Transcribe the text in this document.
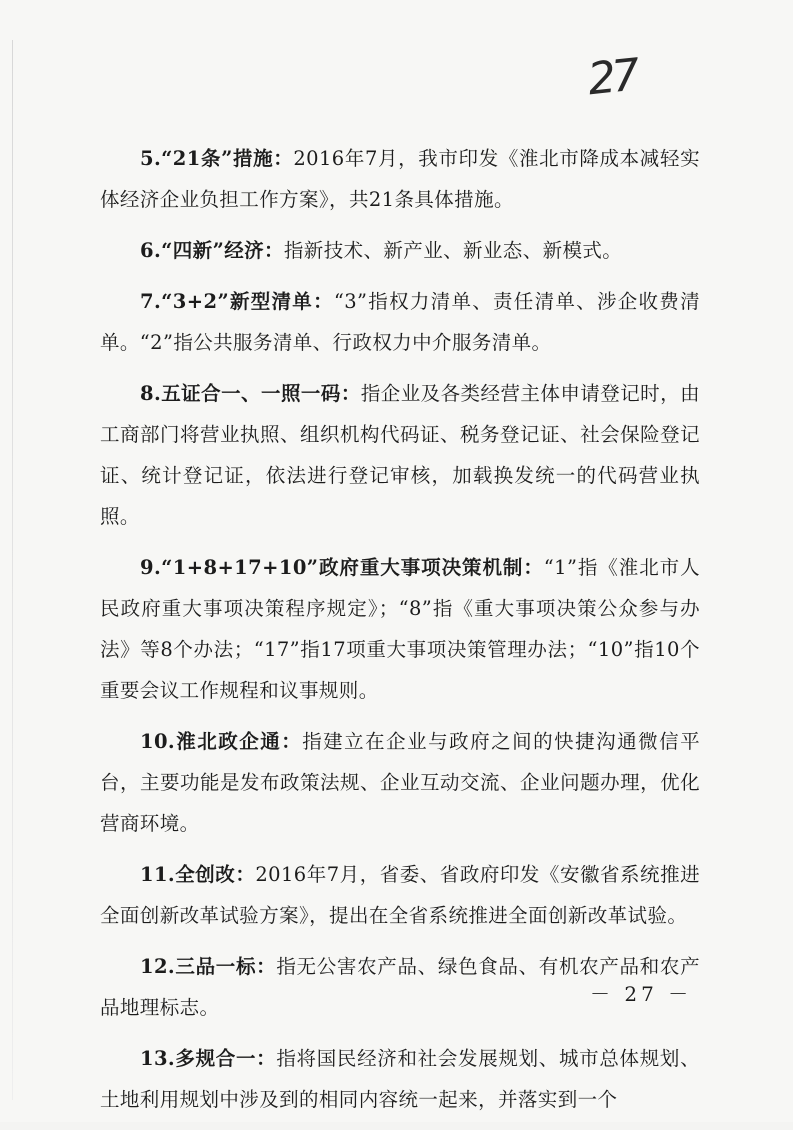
27

5.“21条”措施：2016年7月，我市印发《淮北市降成本减轻实体经济企业负担工作方案》，共21条具体措施。

6.“四新”经济：指新技术、新产业、新业态、新模式。

7.“3+2”新型清单：“3”指权力清单、责任清单、涉企收费清单。“2”指公共服务清单、行政权力中介服务清单。

8.五证合一、一照一码：指企业及各类经营主体申请登记时，由工商部门将营业执照、组织机构代码证、税务登记证、社会保险登记证、统计登记证，依法进行登记审核，加载换发统一的代码营业执照。

9.“1+8+17+10”政府重大事项决策机制：“1”指《淮北市人民政府重大事项决策程序规定》；“8”指《重大事项决策公众参与办法》等8个办法；“17”指17项重大事项决策管理办法；“10”指10个重要会议工作规程和议事规则。

10.淮北政企通：指建立在企业与政府之间的快捷沟通微信平台，主要功能是发布政策法规、企业互动交流、企业问题办理，优化营商环境。

11.全创改：2016年7月，省委、省政府印发《安徽省系统推进全面创新改革试验方案》，提出在全省系统推进全面创新改革试验。

12.三品一标：指无公害农产品、绿色食品、有机农产品和农产品地理标志。

13.多规合一：指将国民经济和社会发展规划、城市总体规划、土地利用规划中涉及到的相同内容统一起来，并落实到一个

－ 27 －
